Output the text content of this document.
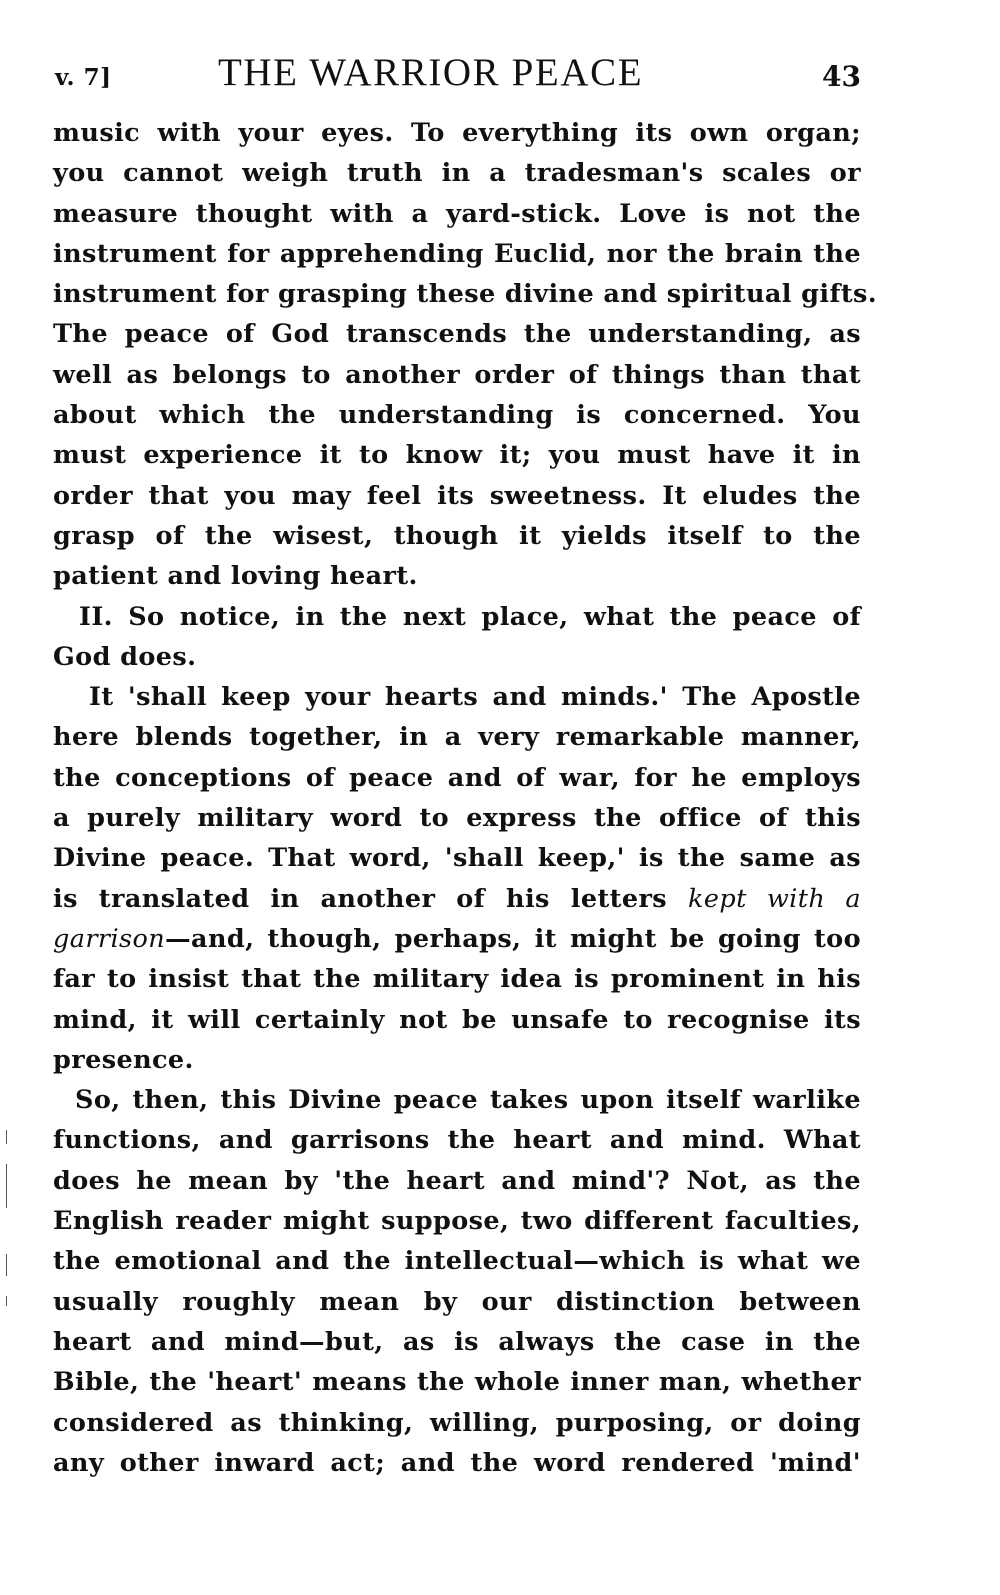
v. 7]	THE WARRIOR PEACE	43
music with your eyes. To everything its own organ;
you cannot weigh truth in a tradesman's scales or
measure thought with a yard-stick. Love is not the
instrument for apprehending Euclid, nor the brain the
instrument for grasping these divine and spiritual gifts.
The peace of God transcends the understanding, as
well as belongs to another order of things than that
about which the understanding is concerned. You
must experience it to know it; you must have it in
order that you may feel its sweetness. It eludes the
grasp of the wisest, though it yields itself to the
patient and loving heart.
II. So notice, in the next place, what the peace of
God does.
It 'shall keep your hearts and minds.' The Apostle
here blends together, in a very remarkable manner,
the conceptions of peace and of war, for he employs
a purely military word to express the office of this
Divine peace. That word, 'shall keep,' is the same as
is translated in another of his letters kept with a
garrison—and, though, perhaps, it might be going too
far to insist that the military idea is prominent in his
mind, it will certainly not be unsafe to recognise its
presence.
So, then, this Divine peace takes upon itself warlike
functions, and garrisons the heart and mind. What
does he mean by 'the heart and mind'? Not, as the
English reader might suppose, two different faculties,
the emotional and the intellectual—which is what we
usually roughly mean by our distinction between
heart and mind—but, as is always the case in the
Bible, the 'heart' means the whole inner man, whether
considered as thinking, willing, purposing, or doing
any other inward act; and the word rendered 'mind'
